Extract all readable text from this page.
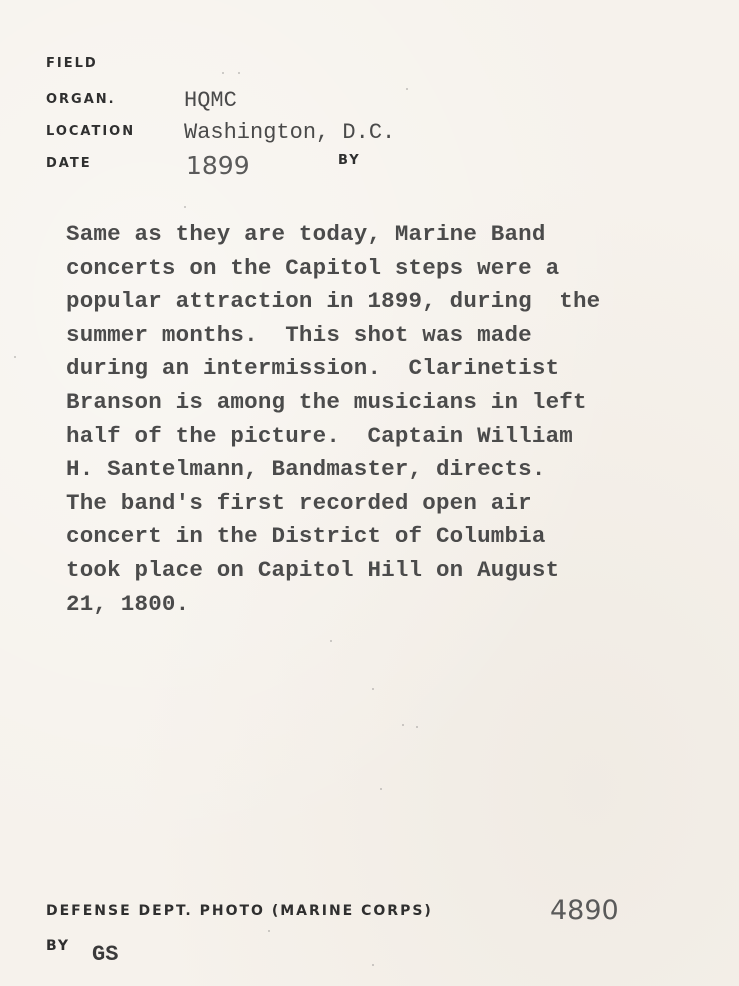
FIELD
ORGAN.	HQMC
LOCATION Washington, D.C.
DATE	1899	BY
Same as they are today, Marine Band
concerts on the Capitol steps were a
popular attraction in 1899, during  the
summer months.  This shot was made
during an intermission.  Clarinetist
Branson is among the musicians in left
half of the picture.  Captain William
H. Santelmann, Bandmaster, directs.
The band's first recorded open air
concert in the District of Columbia
took place on Capitol Hill on August
21, 1800.
DEFENSE DEPT. PHOTO (MARINE CORPS)	4890
BY GS
